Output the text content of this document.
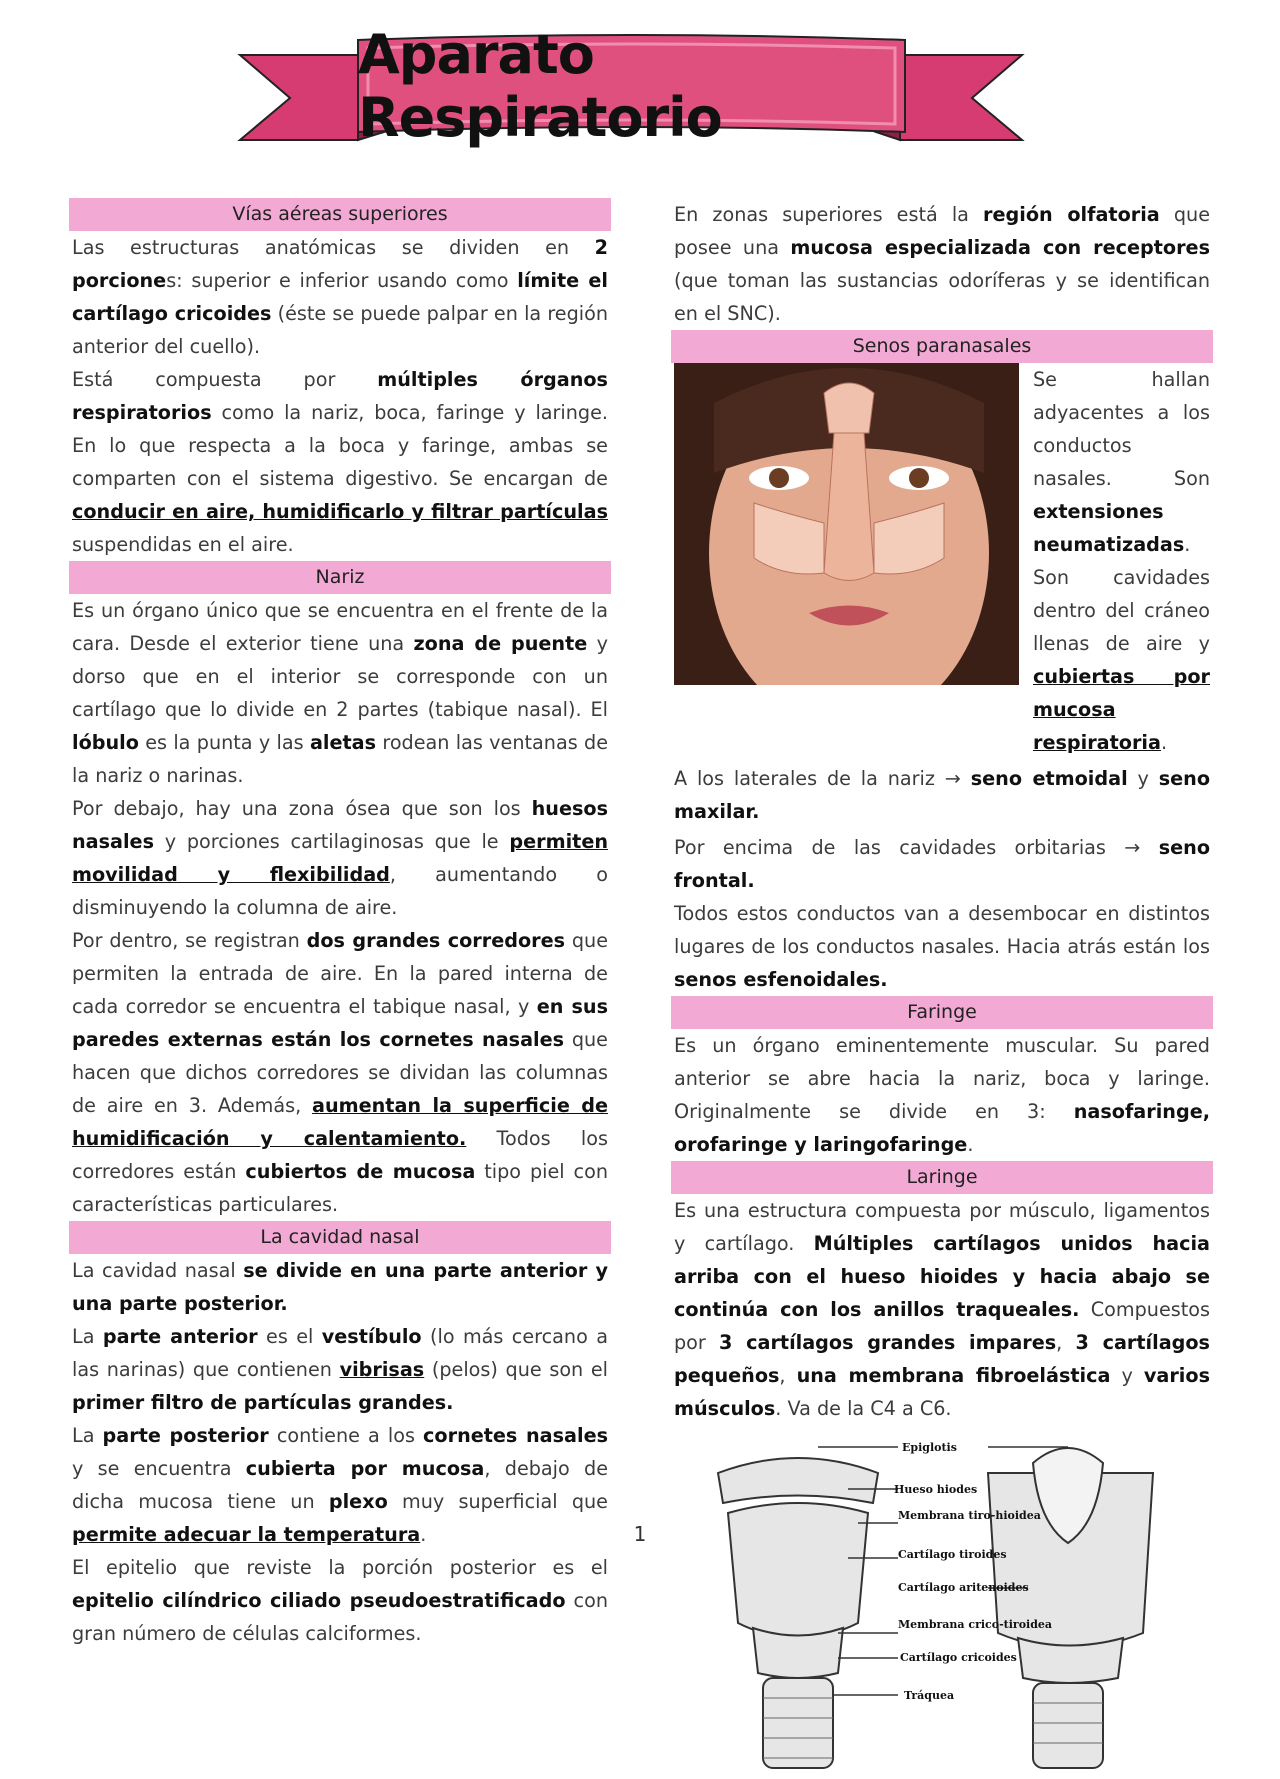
Aparato Respiratorio
Vías aéreas superiores

Las estructuras anatómicas se dividen en 2 porciones: superior e inferior usando como límite el cartílago cricoides (éste se puede palpar en la región anterior del cuello).

Está compuesta por múltiples órganos respiratorios como la nariz, boca, faringe y laringe. En lo que respecta a la boca y faringe, ambas se comparten con el sistema digestivo. Se encargan de conducir en aire, humidificarlo y filtrar partículas suspendidas en el aire.

Nariz

Es un órgano único que se encuentra en el frente de la cara. Desde el exterior tiene una zona de puente y dorso que en el interior se corresponde con un cartílago que lo divide en 2 partes (tabique nasal). El lóbulo es la punta y las aletas rodean las ventanas de la nariz o narinas.

Por debajo, hay una zona ósea que son los huesos nasales y porciones cartilaginosas que le permiten movilidad y flexibilidad, aumentando o disminuyendo la columna de aire.

Por dentro, se registran dos grandes corredores que permiten la entrada de aire. En la pared interna de cada corredor se encuentra el tabique nasal, y en sus paredes externas están los cornetes nasales que hacen que dichos corredores se dividan las columnas de aire en 3. Además, aumentan la superficie de humidificación y calentamiento. Todos los corredores están cubiertos de mucosa tipo piel con características particulares.

La cavidad nasal

La cavidad nasal se divide en una parte anterior y una parte posterior.

La parte anterior es el vestíbulo (lo más cercano a las narinas) que contienen vibrisas (pelos) que son el primer filtro de partículas grandes.

La parte posterior contiene a los cornetes nasales y se encuentra cubierta por mucosa, debajo de dicha mucosa tiene un plexo muy superficial que permite adecuar la temperatura.

El epitelio que reviste la porción posterior es el epitelio cilíndrico ciliado pseudoestratificado con gran número de células calciformes.

En zonas superiores está la región olfatoria que posee una mucosa especializada con receptores (que toman las sustancias odoríferas y se identifican en el SNC).

Senos paranasales

Se hallan adyacentes a los conductos nasales. Son extensiones neumatizadas. Son cavidades dentro del cráneo llenas de aire y cubiertas por mucosa respiratoria.

A los laterales de la nariz → seno etmoidal y seno maxilar.

Por encima de las cavidades orbitarias → seno frontal.

Todos estos conductos van a desembocar en distintos lugares de los conductos nasales. Hacia atrás están los senos esfenoidales.

Faringe

Es un órgano eminentemente muscular. Su pared anterior se abre hacia la nariz, boca y laringe. Originalmente se divide en 3: nasofaringe, orofaringe y laringofaringe.

Laringe

Es una estructura compuesta por músculo, ligamentos y cartílago. Múltiples cartílagos unidos hacia arriba con el hueso hioides y hacia abajo se continúa con los anillos traqueales. Compuestos por 3 cartílagos grandes impares, 3 cartílagos pequeños, una membrana fibroelástica y varios músculos. Va de la C4 a C6.

Epiglotis
Hueso hiodes
Membrana tiro-hioidea
Cartílago tiroides
Cartílago aritenoides
Membrana crico-tiroidea
Cartílago cricoides
Tráquea
1
